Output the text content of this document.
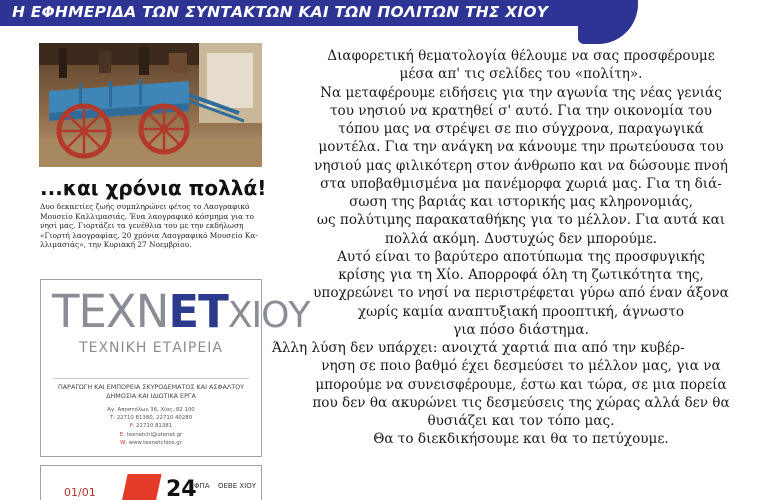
Η ΕΦΗΜΕΡΙΔΑ ΤΩΝ ΣΥΝΤΑΚΤΩΝ ΚΑΙ ΤΩΝ ΠΟΛΙΤΩΝ ΤΗΣ ΧΙΟΥ
...και χρόνια πολλά!
Δυο δεκαετίες ζωής συμπληρώνει φέτος το Λαογραφικό
Μουσείο Καλλιμασιάς. Ένα λαογραφικό κόσμημα για το
νησί μας. Γιορτάζει τα γενέθλια του με την εκδήλωση
«Γιορτή λαογραφίας, 20 χρόνια Λαογραφικό Μουσείο Κα-
λλιμασιάς», την Κυριακή 27 Νοεμβρίου.
ΤΕΧΝΕΤΧΙΟΥ
ΤΕΧΝΙΚΗ ΕΤΑΙΡΕΙΑ
ΠΑΡΑΓΩΓΗ ΚΑΙ ΕΜΠΟΡΕΙΑ ΣΚΥΡΟΔΕΜΑΤΟΣ ΚΑΙ ΑΣΦΑΛΤΟΥ
ΔΗΜΟΣΙΑ ΚΑΙ ΙΔΙΩΤΙΚΑ ΕΡΓΑ
Αγ. Αποστόλων 36, Χίος, 82 100
Τ: 22710 81380, 22710 40280
F: 22710 81381
E: texnetchi@otenet.gr
W: www.texnetchios.gr
01/01	24
ΦΠΑ ΟΕΒΕ ΧΙΟΥ
Διαφορετική θεματολογία θέλουμε να σας προσφέρουμε
μέσα απ' τις σελίδες του «πολίτη».
Να μεταφέρουμε ειδήσεις για την αγωνία της νέας γενιάς
του νησιού να κρατηθεί σ' αυτό. Για την οικονομία του
τόπου μας να στρέψει σε πιο σύγχρονα, παραγωγικά
μοντέλα. Για την ανάγκη να κάνουμε την πρωτεύουσα του
νησιού μας φιλικότερη στον άνθρωπο και να δώσουμε πνοή
στα υποβαθμισμένα μα πανέμορφα χωριά μας. Για τη διά-
σωση της βαριάς και ιστορικής μας κληρονομιάς,
ως πολύτιμης παρακαταθήκης για το μέλλον. Για αυτά και
πολλά ακόμη. Δυστυχώς δεν μπορούμε.
Αυτό είναι το βαρύτερο αποτύπωμα της προσφυγικής
κρίσης για τη Χίο. Απορροφά όλη τη ζωτικότητα της,
υποχρεώνει το νησί να περιστρέφεται γύρω από έναν άξονα
χωρίς καμία αναπτυξιακή προοπτική, άγνωστο
για πόσο διάστημα.
Άλλη λύση δεν υπάρχει: ανοιχτά χαρτιά πια από την κυβέρ-
νηση σε ποιο βαθμό έχει δεσμεύσει το μέλλον μας, για να
μπορούμε να συνεισφέρουμε, έστω και τώρα, σε μια πορεία
που δεν θα ακυρώνει τις δεσμεύσεις της χώρας αλλά δεν θα
θυσιάζει και τον τόπο μας.
Θα το διεκδικήσουμε και θα το πετύχουμε.
